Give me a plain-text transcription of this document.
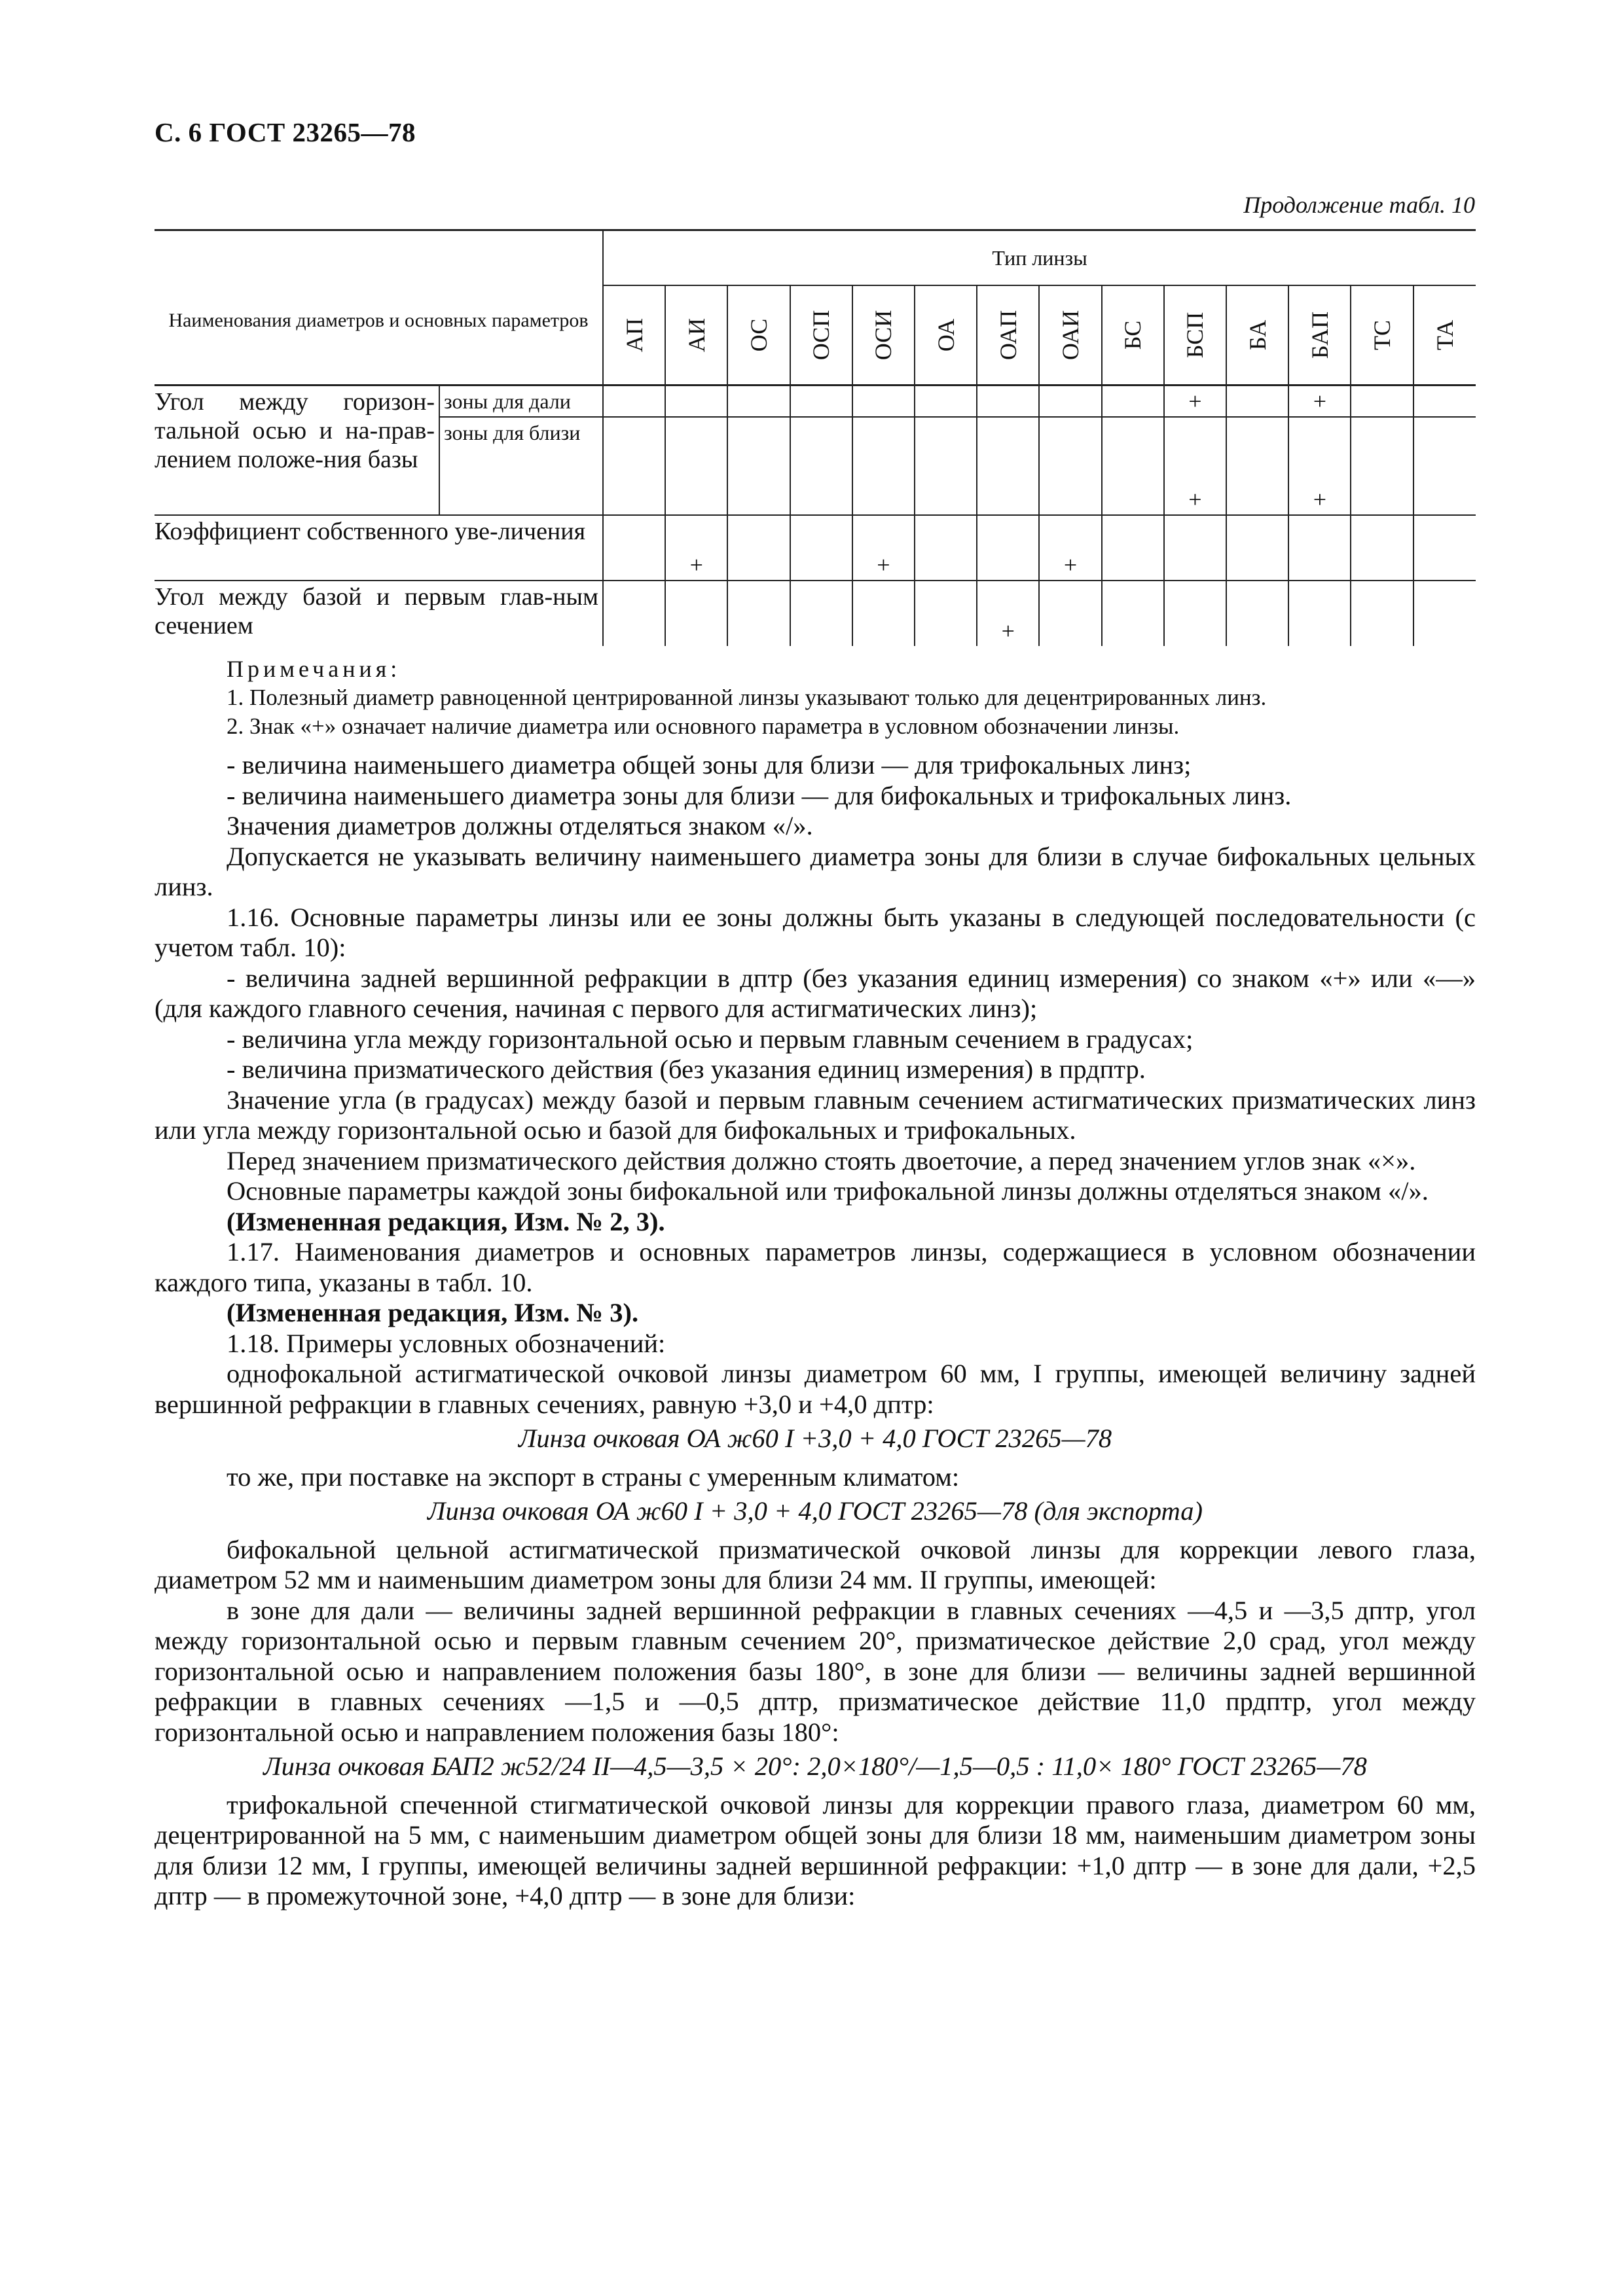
С. 6 ГОСТ 23265—78
Продолжение табл. 10
Наименования диаметров и основных параметров		Тип линзы													

		АП	АИ	ОС	ОСП	ОСИ	ОА	ОАП	ОАИ	БС	БСП	БА	БАП	ТС	ТА

Угол между горизон-тальной осью и на-прав- лением положе-ния базы	зоны для дали										+		+		
	зоны для близи										+		+		
Коэффициент собственного уве-личения			+			+			+						
Угол между базой и первым глав-ным сечением								+							

Примечания:

1. Полезный диаметр равноценной центрированной линзы указывают только для децентрированных линз.

2. Знак «+» означает наличие диаметра или основного параметра в условном обозначении линзы.

- величина наименьшего диаметра общей зоны для близи — для трифокальных линз;

- величина наименьшего диаметра зоны для близи — для бифокальных и трифокальных линз.

Значения диаметров должны отделяться знаком «/».

Допускается не указывать величину наименьшего диаметра зоны для близи в случае бифокальных цельных линз.

1.16. Основные параметры линзы или ее зоны должны быть указаны в следующей последовательности (с учетом табл. 10):

- величина задней вершинной рефракции в дптр (без указания единиц измерения) со знаком «+» или «—» (для каждого главного сечения, начиная с первого для астигматических линз);

- величина угла между горизонтальной осью и первым главным сечением в градусах;

- величина призматического действия (без указания единиц измерения) в прдптр.

Значение угла (в градусах) между базой и первым главным сечением астигматических призматических линз или угла между горизонтальной осью и базой для бифокальных и трифокальных.

Перед значением призматического действия должно стоять двоеточие, а перед значением углов знак «×».

Основные параметры каждой зоны бифокальной или трифокальной линзы должны отделяться знаком «/».

(Измененная редакция, Изм. № 2, 3).

1.17. Наименования диаметров и основных параметров линзы, содержащиеся в условном обозначении каждого типа, указаны в табл. 10.

(Измененная редакция, Изм. № 3).

1.18. Примеры условных обозначений:

однофокальной астигматической очковой линзы диаметром 60 мм, I группы, имеющей величину задней вершинной рефракции в главных сечениях, равную +3,0 и +4,0 дптр:

Линза очковая ОА ж60 I +3,0 + 4,0 ГОСТ 23265—78

то же, при поставке на экспорт в страны с умеренным климатом:

Линза очковая ОА ж60 I + 3,0 + 4,0 ГОСТ 23265—78 (для экспорта)

бифокальной цельной астигматической призматической очковой линзы для коррекции левого глаза, диаметром 52 мм и наименьшим диаметром зоны для близи 24 мм. II группы, имеющей:

в зоне для дали — величины задней вершинной рефракции в главных сечениях —4,5 и —3,5 дптр, угол между горизонтальной осью и первым главным сечением 20°, призматическое действие 2,0 срад, угол между горизонтальной осью и направлением положения базы 180°, в зоне для близи — величины задней вершинной рефракции в главных сечениях —1,5 и —0,5 дптр, призматическое действие 11,0 прдптр, угол между горизонтальной осью и направлением положения базы 180°:

Линза очковая БАП2 ж52/24 II—4,5—3,5 × 20°: 2,0×180°/—1,5—0,5 : 11,0× 180° ГОСТ 23265—78

трифокальной спеченной стигматической очковой линзы для коррекции правого глаза, диаметром 60 мм, децентрированной на 5 мм, с наименьшим диаметром общей зоны для близи 18 мм, наименьшим диаметром зоны для близи 12 мм, I группы, имеющей величины задней вершинной рефракции: +1,0 дптр — в зоне для дали, +2,5 дптр — в промежуточной зоне, +4,0 дптр — в зоне для близи:
